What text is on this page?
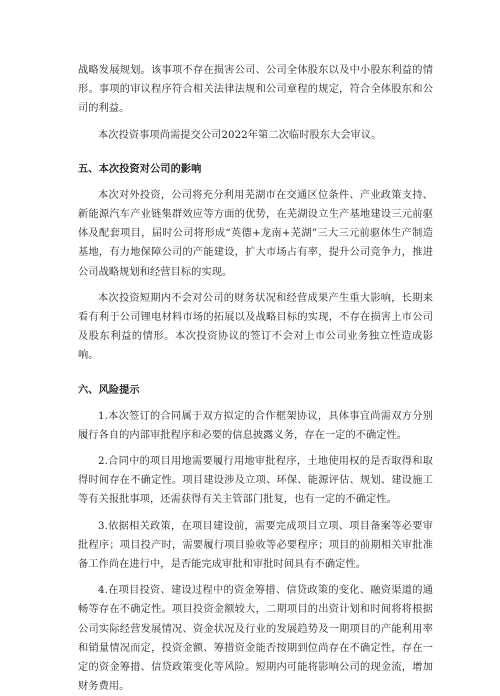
战略发展规划。该事项不存在损害公司、公司全体股东以及中小股东利益的情形。事项的审议程序符合相关法律法规和公司章程的规定，符合全体股东和公司的利益。

本次投资事项尚需提交公司2022年第二次临时股东大会审议。

五、本次投资对公司的影响

本次对外投资，公司将充分利用芜湖市在交通区位条件、产业政策支持、新能源汽车产业链集群效应等方面的优势，在芜湖设立生产基地建设三元前驱体及配套项目，届时公司将形成“英德+龙南+芜湖”三大三元前驱体生产制造基地，有力地保障公司的产能建设，扩大市场占有率，提升公司竞争力，推进公司战略规划和经营目标的实现。

本次投资短期内不会对公司的财务状况和经营成果产生重大影响，长期来看有利于公司锂电材料市场的拓展以及战略目标的实现，不存在损害上市公司及股东利益的情形。本次投资协议的签订不会对上市公司业务独立性造成影响。

六、风险提示

1.本次签订的合同属于双方拟定的合作框架协议，具体事宜尚需双方分别履行各自的内部审批程序和必要的信息披露义务，存在一定的不确定性。

2.合同中的项目用地需要履行用地审批程序，土地使用权的是否取得和取得时间存在不确定性。项目建设涉及立项、环保、能源评估、规划、建设施工等有关报批事项，还需获得有关主管部门批复，也有一定的不确定性。

3.依据相关政策，在项目建设前，需要完成项目立项、项目备案等必要审批程序；项目投产时，需要履行项目验收等必要程序；项目的前期相关审批准备工作尚在进行中，是否能完成审批和审批时间具有不确定性。

4.在项目投资、建设过程中的资金筹措、信贷政策的变化、融资渠道的通畅等存在不确定性。项目投资金额较大，二期项目的出资计划和时间将将根据公司实际经营发展情况、资金状况及行业的发展趋势及一期项目的产能利用率和销量情况而定，投资金额、筹措资金能否按期到位尚存在不确定性，存在一定的资金筹措、信贷政策变化等风险。短期内可能将影响公司的现金流，增加财务费用。
